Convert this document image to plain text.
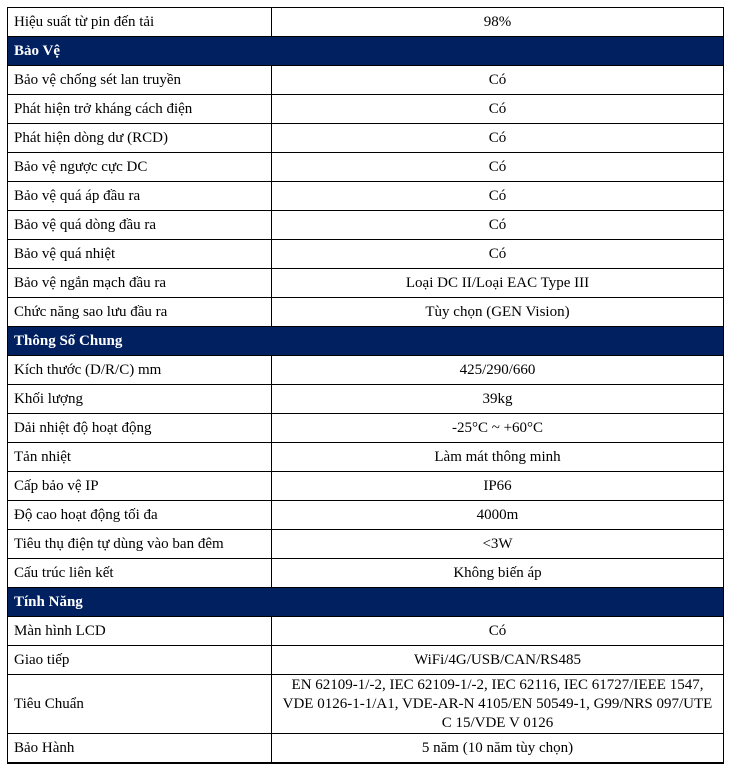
Hiệu suất từ pin đến tải	98%
Bảo Vệ	
Bảo vệ chống sét lan truyền	Có
Phát hiện trở kháng cách điện	Có
Phát hiện dòng dư (RCD)	Có
Bảo vệ ngược cực DC	Có
Bảo vệ quá áp đầu ra	Có
Bảo vệ quá dòng đầu ra	Có
Bảo vệ quá nhiệt	Có
Bảo vệ ngắn mạch đầu ra	Loại DC II/Loại EAC Type III
Chức năng sao lưu đầu ra	Tùy chọn (GEN Vision)
Thông Số Chung	
Kích thước (D/R/C) mm	425/290/660
Khối lượng	39kg
Dải nhiệt độ hoạt động	-25°C ~ +60°C
Tản nhiệt	Làm mát thông minh
Cấp bảo vệ IP	IP66
Độ cao hoạt động tối đa	4000m
Tiêu thụ điện tự dùng vào ban đêm	<3W
Cấu trúc liên kết	Không biến áp
Tính Năng	
Màn hình LCD	Có
Giao tiếp	WiFi/4G/USB/CAN/RS485
Tiêu Chuẩn	EN 62109-1/-2, IEC 62109-1/-2, IEC 62116, IEC 61727/IEEE 1547, VDE 0126-1-1/A1, VDE-AR-N 4105/EN 50549-1, G99/NRS 097/UTE C 15/VDE V 0126
Bảo Hành	5 năm (10 năm tùy chọn)
